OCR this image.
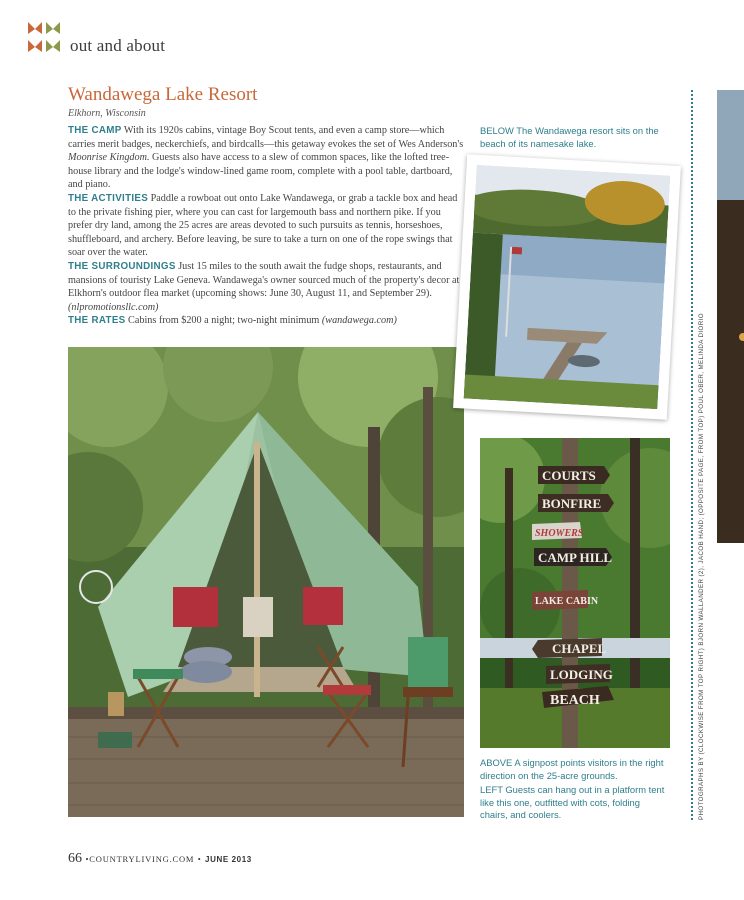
out and about
Wandawega Lake Resort
Elkhorn, Wisconsin

THE CAMP With its 1920s cabins, vintage Boy Scout tents, and even a camp store—which carries merit badges, neckerchiefs, and birdcalls—this getaway evokes the set of Wes Anderson's Moonrise Kingdom. Guests also have access to a slew of common spaces, like the lofted tree-house library and the lodge's window-lined game room, complete with a pool table, dartboard, and piano.

THE ACTIVITIES Paddle a rowboat out onto Lake Wandawega, or grab a tackle box and head to the private fishing pier, where you can cast for largemouth bass and northern pike. If you prefer dry land, among the 25 acres are areas devoted to such pursuits as tennis, horseshoes, shuffleboard, and archery. Before leaving, be sure to take a turn on one of the rope swings that soar over the water.

THE SURROUNDINGS Just 15 miles to the south await the fudge shops, restaurants, and mansions of touristy Lake Geneva. Wandawega's owner sourced much of the property's decor at Elkhorn's outdoor flea market (upcoming shows: June 30, August 11, and September 29). (nlpromotionsllc.com)

THE RATES Cabins from $200 a night; two-night minimum (wandawega.com)

COURTS
BONFIRE
SHOWERS
CAMP HILL
LAKE CABIN
CHAPEL
LODGING
BEACH
BELOW The Wandawega resort sits on the beach of its namesake lake.
ABOVE A signpost points visitors in the right direction on the 25-acre grounds.
LEFT Guests can hang out in a platform tent like this one, outfitted with cots, folding chairs, and coolers.	PHOTOGRAPHS BY (CLOCKWISE FROM TOP RIGHT) BJORN WALLANDER (2), JACOB HAND; (OPPOSITE PAGE, FROM TOP) POUL OBER, MELINDA DIORIO
66 •COUNTRYLIVING.COM • JUNE 2013
